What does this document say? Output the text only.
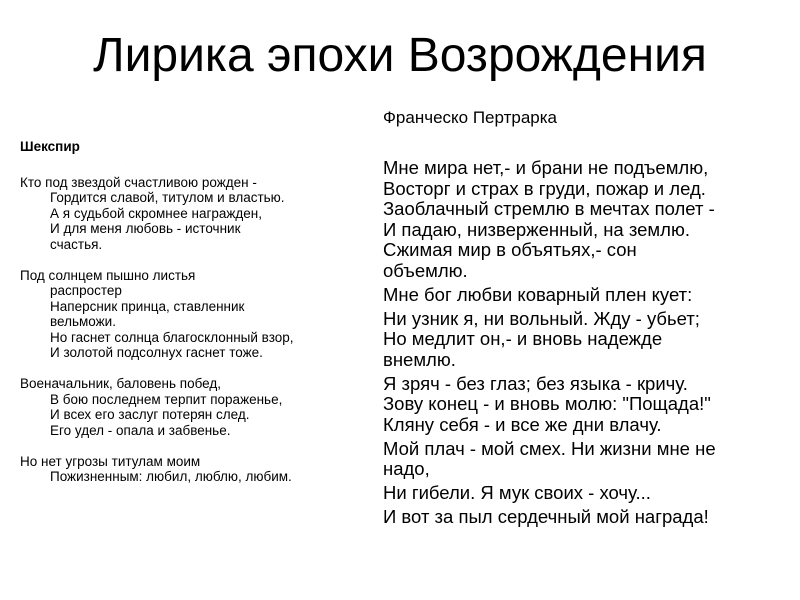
Лирика эпохи Возрождения
Шекспир
Кто под звездой счастливою рожден -
Гордится славой, титулом и властью.
А я судьбой скромнее награжден,
И для меня любовь - источник
счастья.
Под солнцем пышно листья
распростер
Наперсник принца, ставленник
вельможи.
Но гаснет солнца благосклонный взор,
И золотой подсолнух гаснет тоже.
Военачальник, баловень побед,
В бою последнем терпит пораженье,
И всех его заслуг потерян след.
Его удел - опала и забвенье.
Но нет угрозы титулам моим
Пожизненным: любил, люблю, любим.
Франческо Пертрарка
Мне мира нет,- и брани не подъемлю,
Восторг и страх в груди, пожар и лед.
Заоблачный стремлю в мечтах полет -
И падаю, низверженный, на землю.
Сжимая мир в объятьях,- сон
объемлю.
Мне бог любви коварный плен кует:
Ни узник я, ни вольный. Жду - убьет;
Но медлит он,- и вновь надежде
внемлю.
Я зряч - без глаз; без языка - кричу.
Зову конец - и вновь молю: "Пощада!"
Кляну себя - и все же дни влачу.
Мой плач - мой смех. Ни жизни мне не
надо,
Ни гибели. Я мук своих - хочу...
И вот за пыл сердечный мой награда!
